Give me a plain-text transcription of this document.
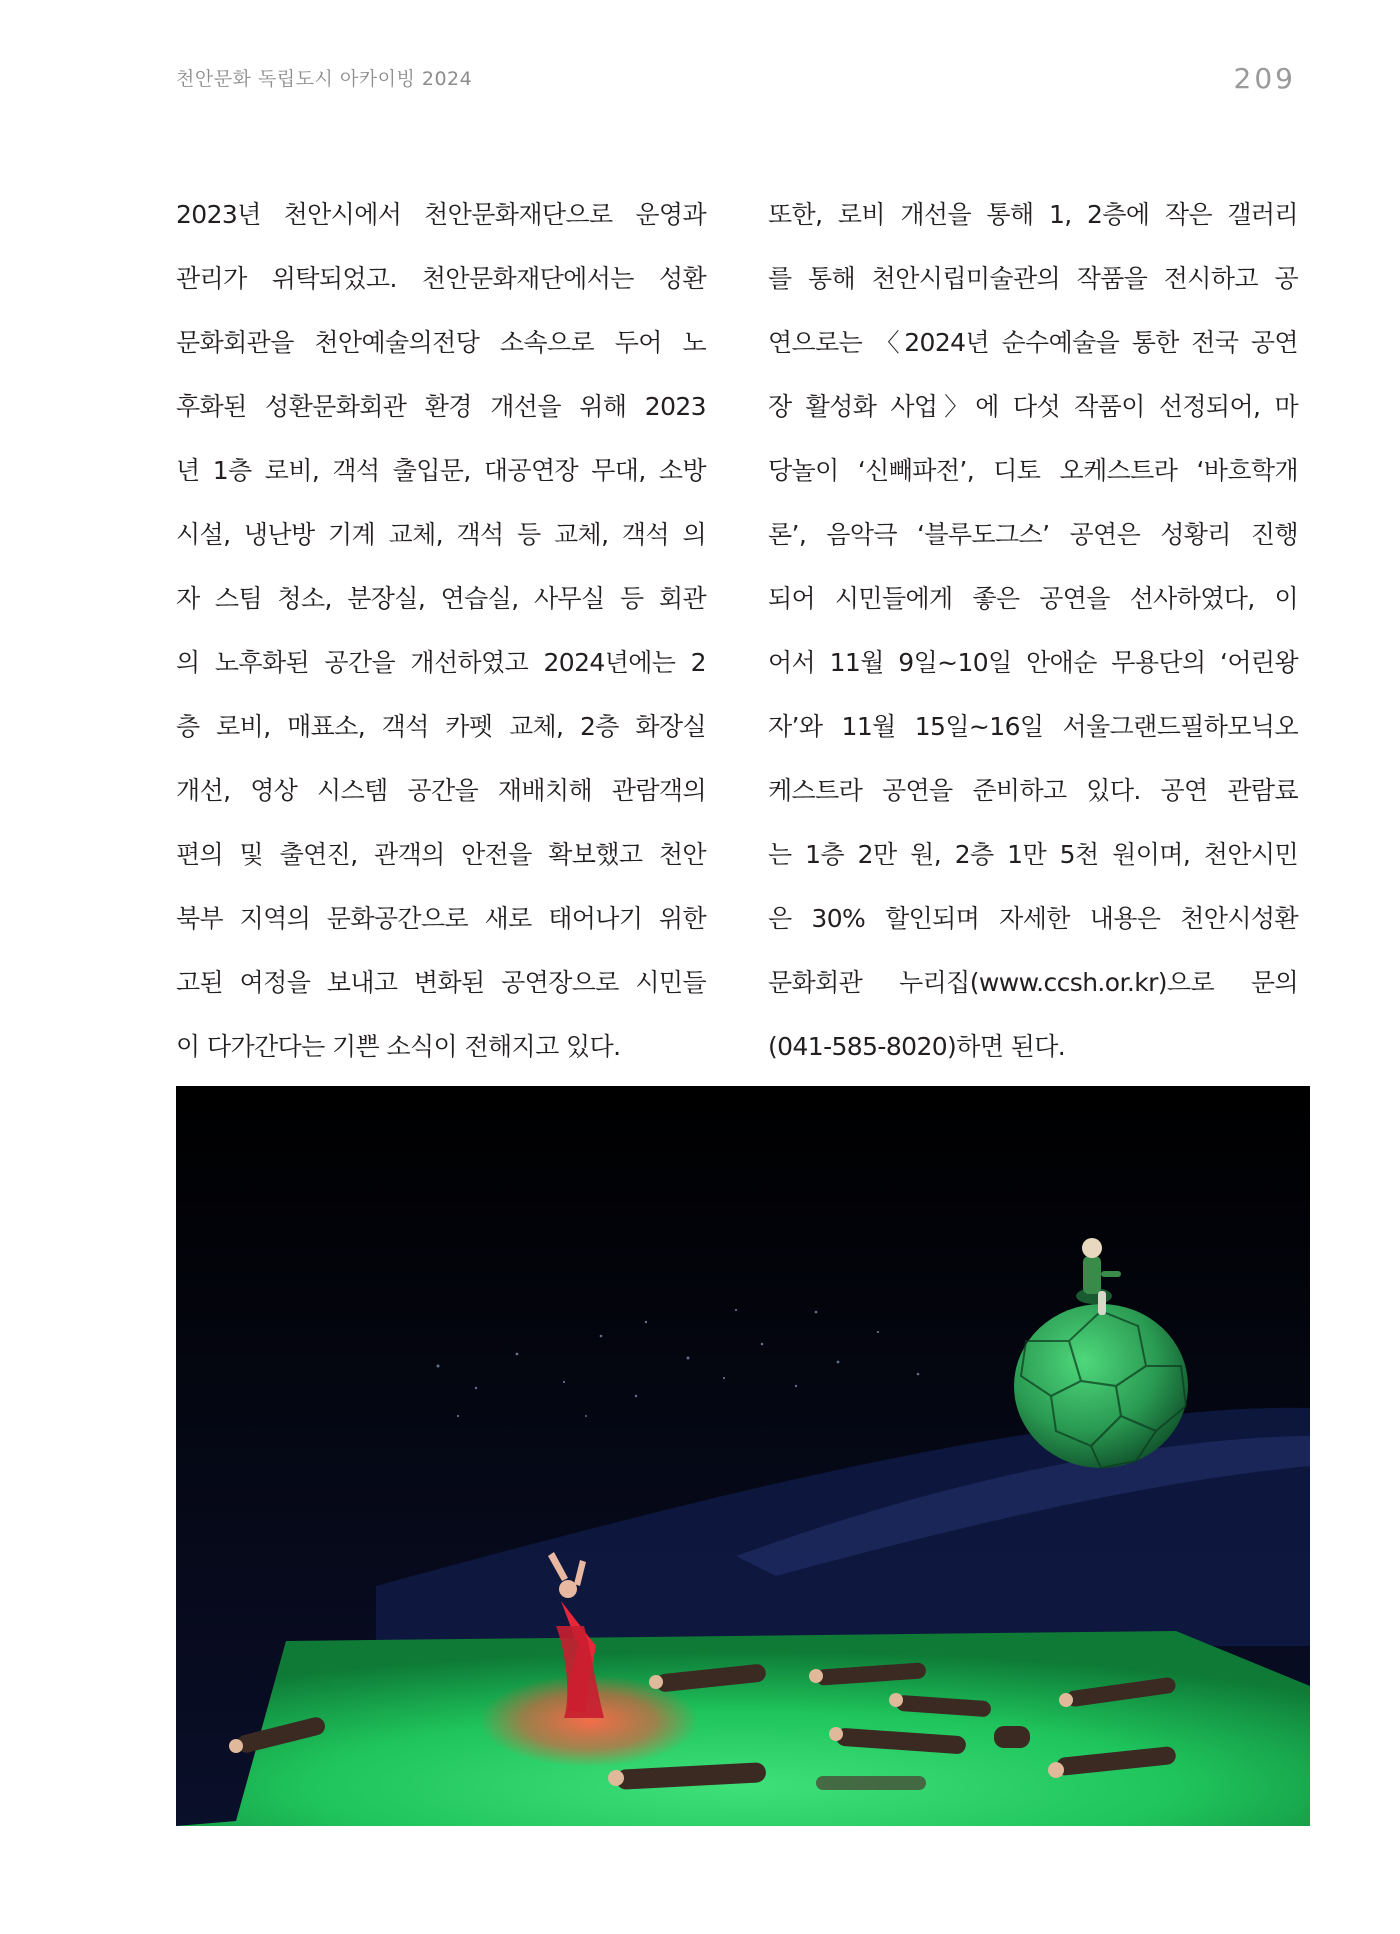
천안문화 독립도시 아카이빙 2024	209
2023년 천안시에서 천안문화재단으로 운영과
관리가 위탁되었고. 천안문화재단에서는 성환
문화회관을 천안예술의전당 소속으로 두어 노
후화된 성환문화회관 환경 개선을 위해 2023
년 1층 로비, 객석 출입문, 대공연장 무대, 소방
시설, 냉난방 기계 교체, 객석 등 교체, 객석 의
자 스팀 청소, 분장실, 연습실, 사무실 등 회관
의 노후화된 공간을 개선하였고 2024년에는 2
층 로비, 매표소, 객석 카펫 교체, 2층 화장실
개선, 영상 시스템 공간을 재배치해 관람객의
편의 및 출연진, 관객의 안전을 확보했고 천안
북부 지역의 문화공간으로 새로 태어나기 위한
고된 여정을 보내고 변화된 공연장으로 시민들
이 다가간다는 기쁜 소식이 전해지고 있다.
또한, 로비 개선을 통해 1, 2층에 작은 갤러리
를 통해 천안시립미술관의 작품을 전시하고 공
연으로는 〈2024년 순수예술을 통한 전국 공연
장 활성화 사업〉에 다섯 작품이 선정되어, 마
당놀이 ‘신빼파전’, 디토 오케스트라 ‘바흐학개
론’, 음악극 ‘블루도그스’ 공연은 성황리 진행
되어 시민들에게 좋은 공연을 선사하였다, 이
어서 11월 9일~10일 안애순 무용단의 ‘어린왕
자’와 11월 15일~16일 서울그랜드필하모닉오
케스트라 공연을 준비하고 있다. 공연 관람료
는 1층 2만 원, 2층 1만 5천 원이며, 천안시민
은 30% 할인되며 자세한 내용은 천안시성환
문화회관 누리집(www.ccsh.or.kr)으로 문의
(041-585-8020)하면 된다.
